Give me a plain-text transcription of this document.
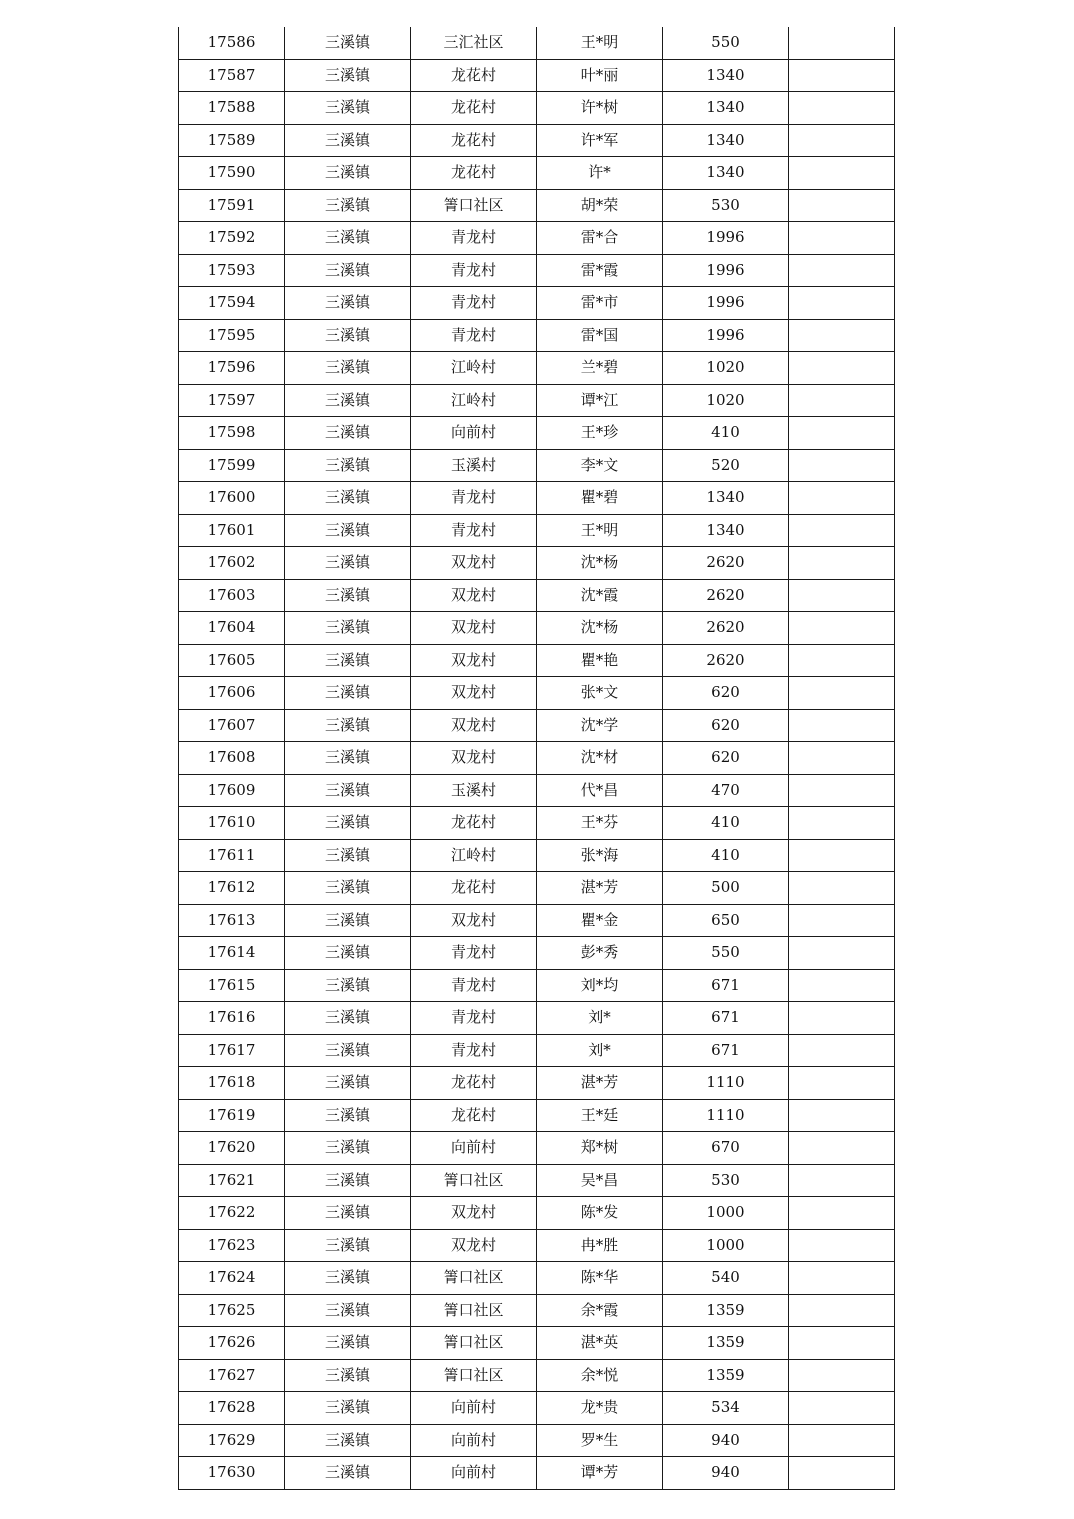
17586	三溪镇	三汇社区	王*明	550	
17587	三溪镇	龙花村	叶*丽	1340	
17588	三溪镇	龙花村	许*树	1340	
17589	三溪镇	龙花村	许*军	1340	
17590	三溪镇	龙花村	许*	1340	
17591	三溪镇	箐口社区	胡*荣	530	
17592	三溪镇	青龙村	雷*合	1996	
17593	三溪镇	青龙村	雷*霞	1996	
17594	三溪镇	青龙村	雷*市	1996	
17595	三溪镇	青龙村	雷*国	1996	
17596	三溪镇	江岭村	兰*碧	1020	
17597	三溪镇	江岭村	谭*江	1020	
17598	三溪镇	向前村	王*珍	410	
17599	三溪镇	玉溪村	李*文	520	
17600	三溪镇	青龙村	瞿*碧	1340	
17601	三溪镇	青龙村	王*明	1340	
17602	三溪镇	双龙村	沈*杨	2620	
17603	三溪镇	双龙村	沈*霞	2620	
17604	三溪镇	双龙村	沈*杨	2620	
17605	三溪镇	双龙村	瞿*艳	2620	
17606	三溪镇	双龙村	张*文	620	
17607	三溪镇	双龙村	沈*学	620	
17608	三溪镇	双龙村	沈*材	620	
17609	三溪镇	玉溪村	代*昌	470	
17610	三溪镇	龙花村	王*芬	410	
17611	三溪镇	江岭村	张*海	410	
17612	三溪镇	龙花村	湛*芳	500	
17613	三溪镇	双龙村	瞿*金	650	
17614	三溪镇	青龙村	彭*秀	550	
17615	三溪镇	青龙村	刘*均	671	
17616	三溪镇	青龙村	刘*	671	
17617	三溪镇	青龙村	刘*	671	
17618	三溪镇	龙花村	湛*芳	1110	
17619	三溪镇	龙花村	王*廷	1110	
17620	三溪镇	向前村	郑*树	670	
17621	三溪镇	箐口社区	吴*昌	530	
17622	三溪镇	双龙村	陈*发	1000	
17623	三溪镇	双龙村	冉*胜	1000	
17624	三溪镇	箐口社区	陈*华	540	
17625	三溪镇	箐口社区	余*霞	1359	
17626	三溪镇	箐口社区	湛*英	1359	
17627	三溪镇	箐口社区	余*悦	1359	
17628	三溪镇	向前村	龙*贵	534	
17629	三溪镇	向前村	罗*生	940	
17630	三溪镇	向前村	谭*芳	940	
